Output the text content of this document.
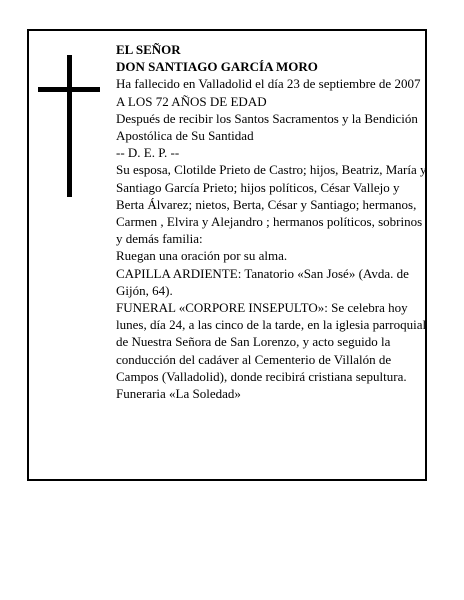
EL SEÑOR

DON SANTIAGO GARCÍA MORO

Ha fallecido en Valladolid el día 23 de septiembre de 2007

A LOS 72 AÑOS DE EDAD

Después de recibir los Santos Sacramentos y la Bendición Apostólica de Su Santidad

-- D. E. P. --

Su esposa, Clotilde Prieto de Castro; hijos, Beatriz, María y Santiago García Prieto; hijos políticos, César Vallejo y Berta Álvarez; nietos, Berta, César y Santiago; hermanos, Carmen , Elvira y Alejandro ; hermanos políticos, sobrinos y demás familia:

Ruegan una oración por su alma.

CAPILLA ARDIENTE: Tanatorio «San José» (Avda. de Gijón, 64).

FUNERAL «CORPORE INSEPULTO»: Se celebra hoy lunes, día 24, a las cinco de la tarde, en la iglesia parroquial de Nuestra Señora de San Lorenzo, y acto seguido la conducción del cadáver al Cementerio de Villalón de Campos (Valladolid), donde recibirá cristiana sepultura.

Funeraria «La Soledad»
